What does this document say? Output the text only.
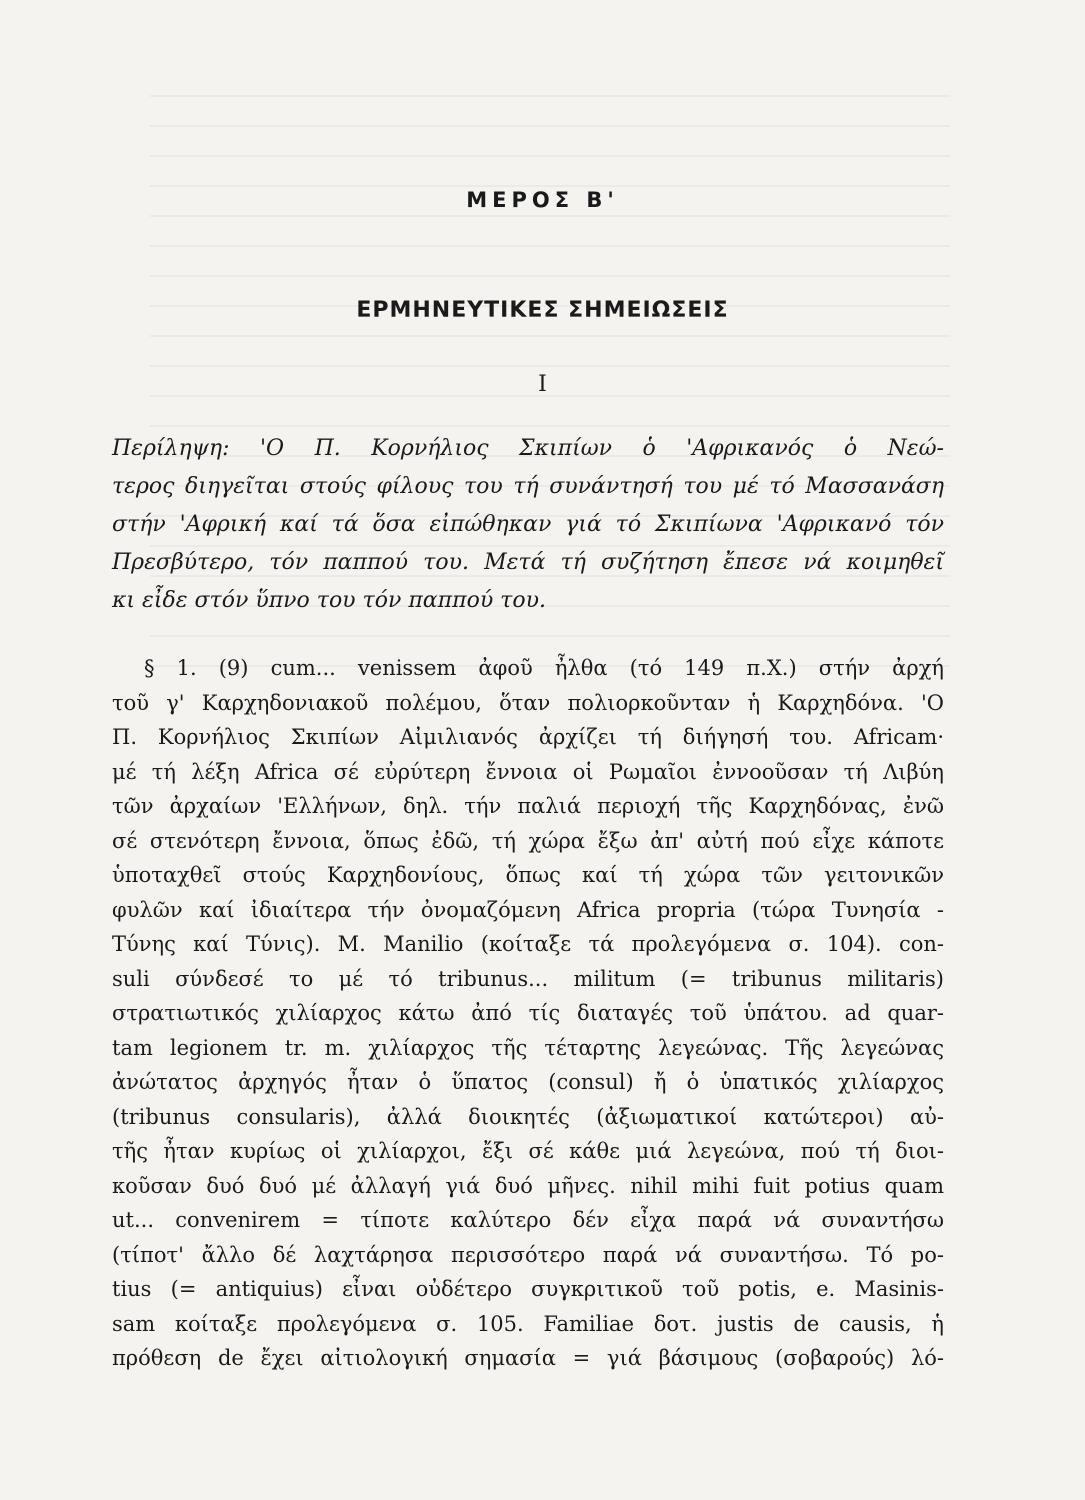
ΜΕΡΟΣ Β'
ΕΡΜΗΝΕΥΤΙΚΕΣ ΣΗΜΕΙΩΣΕΙΣ
I
Περίληψη: 'Ο Π. Κορνήλιος Σκιπίων ὁ 'Αφρικανός ὁ Νεώ-
τερος διηγεῖται στούς φίλους του τή συνάντησή του μέ τό Μασσανάση
στήν 'Αφρική καί τά ὅσα εἰπώθηκαν γιά τό Σκιπίωνα 'Αφρικανό τόν
Πρεσβύτερο, τόν παππού του. Μετά τή συζήτηση ἔπεσε νά κοιμηθεῖ
κι εἶδε στόν ὕπνο του τόν παππού του.
§ 1. (9) cum... venissem ἀφοῦ ἦλθα (τό 149 π.Χ.) στήν ἀρχή
τοῦ γ' Καρχηδονιακοῦ πολέμου, ὅταν πολιορκοῦνταν ἡ Καρχηδόνα. 'Ο
Π. Κορνήλιος Σκιπίων Αἰμιλιανός ἀρχίζει τή διήγησή του. Africam·
μέ τή λέξη Africa σέ εὐρύτερη ἔννοια οἱ Ρωμαῖοι ἐννοοῦσαν τή Λιβύη
τῶν ἀρχαίων 'Ελλήνων, δηλ. τήν παλιά περιοχή τῆς Καρχηδόνας, ἐνῶ
σέ στενότερη ἔννοια, ὅπως ἐδῶ, τή χώρα ἔξω ἀπ' αὐτή πού εἶχε κάποτε
ὑποταχθεῖ στούς Καρχηδονίους, ὅπως καί τή χώρα τῶν γειτονικῶν
φυλῶν καί ἰδιαίτερα τήν ὀνομαζόμενη Africa propria (τώρα Τυνησία -
Τύνης καί Τύνις). M. Manilio (κοίταξε τά προλεγόμενα σ. 104). con-
suli σύνδεσέ το μέ τό tribunus... militum (= tribunus militaris)
στρατιωτικός χιλίαρχος κάτω ἀπό τίς διαταγές τοῦ ὑπάτου. ad quar-
tam legionem tr. m. χιλίαρχος τῆς τέταρτης λεγεώνας. Τῆς λεγεώνας
ἀνώτατος ἀρχηγός ἦταν ὁ ὕπατος (consul) ἤ ὁ ὑπατικός χιλίαρχος
(tribunus consularis), ἀλλά διοικητές (ἀξιωματικοί κατώτεροι) αὐ-
τῆς ἦταν κυρίως οἱ χιλίαρχοι, ἔξι σέ κάθε μιά λεγεώνα, πού τή διοι-
κοῦσαν δυό δυό μέ ἀλλαγή γιά δυό μῆνες. nihil mihi fuit potius quam
ut... convenirem = τίποτε καλύτερο δέν εἶχα παρά νά συναντήσω
(τίποτ' ἄλλο δέ λαχτάρησα περισσότερο παρά νά συναντήσω. Τό po-
tius (= antiquius) εἶναι οὐδέτερο συγκριτικοῦ τοῦ potis, e. Masinis-
sam κοίταξε προλεγόμενα σ. 105. Familiae δοτ. justis de causis, ἡ
πρόθεση de ἔχει αἰτιολογική σημασία = γιά βάσιμους (σοβαρούς) λό-
